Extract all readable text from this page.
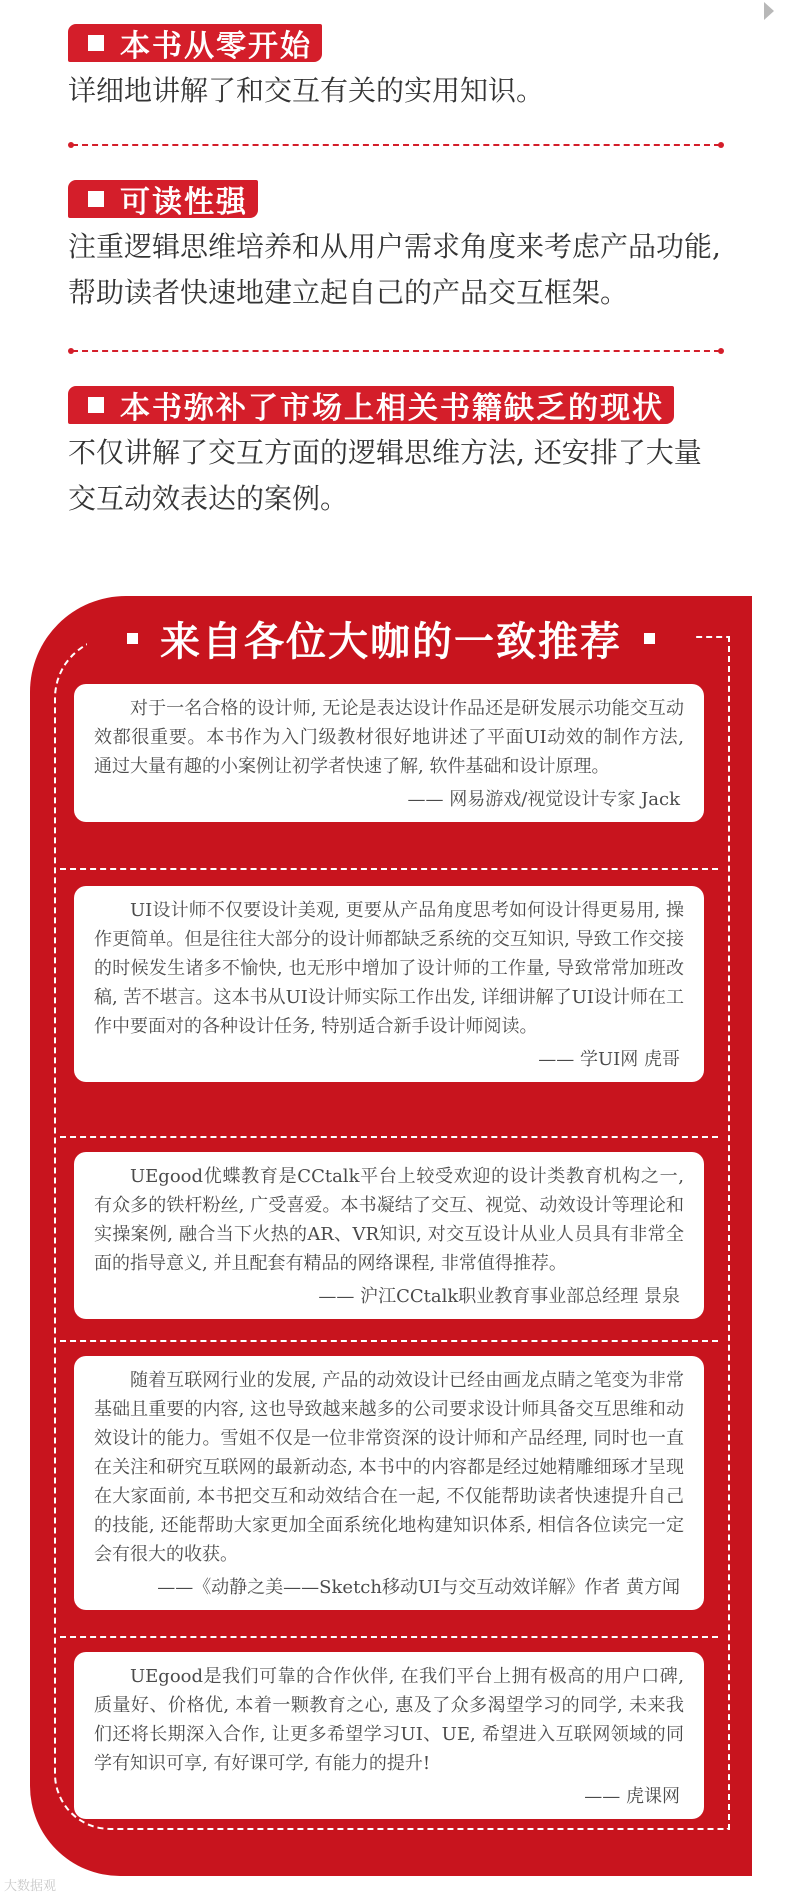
本书从零开始
详细地讲解了和交互有关的实用知识。
可读性强
注重逻辑思维培养和从用户需求角度来考虑产品功能,
帮助读者快速地建立起自己的产品交互框架。
本书弥补了市场上相关书籍缺乏的现状
不仅讲解了交互方面的逻辑思维方法, 还安排了大量
交互动效表达的案例。
来自各位大咖的一致推荐

对于一名合格的设计师, 无论是表达设计作品还是研发展示功能交互动效都很重要。本书作为入门级教材很好地讲述了平面UI动效的制作方法, 通过大量有趣的小案例让初学者快速了解, 软件基础和设计原理。

—— 网易游戏/视觉设计专家 Jack

UI设计师不仅要设计美观, 更要从产品角度思考如何设计得更易用, 操作更简单。但是往往大部分的设计师都缺乏系统的交互知识, 导致工作交接的时候发生诸多不愉快, 也无形中增加了设计师的工作量, 导致常常加班改稿, 苦不堪言。这本书从UI设计师实际工作出发, 详细讲解了UI设计师在工作中要面对的各种设计任务, 特别适合新手设计师阅读。

—— 学UI网 虎哥

UEgood优蝶教育是CCtalk平台上较受欢迎的设计类教育机构之一, 有众多的铁杆粉丝, 广受喜爱。本书凝结了交互、视觉、动效设计等理论和实操案例, 融合当下火热的AR、VR知识, 对交互设计从业人员具有非常全面的指导意义, 并且配套有精品的网络课程, 非常值得推荐。

—— 沪江CCtalk职业教育事业部总经理 景泉

随着互联网行业的发展, 产品的动效设计已经由画龙点睛之笔变为非常基础且重要的内容, 这也导致越来越多的公司要求设计师具备交互思维和动效设计的能力。雪姐不仅是一位非常资深的设计师和产品经理, 同时也一直在关注和研究互联网的最新动态, 本书中的内容都是经过她精雕细琢才呈现在大家面前, 本书把交互和动效结合在一起, 不仅能帮助读者快速提升自己的技能, 还能帮助大家更加全面系统化地构建知识体系, 相信各位读完一定会有很大的收获。

——《动静之美——Sketch移动UI与交互动效详解》作者 黄方闻

UEgood是我们可靠的合作伙伴, 在我们平台上拥有极高的用户口碑, 质量好、价格优, 本着一颗教育之心, 惠及了众多渴望学习的同学, 未来我们还将长期深入合作, 让更多希望学习UI、UE, 希望进入互联网领域的同学有知识可享, 有好课可学, 有能力的提升!

—— 虎课网
大数据观
